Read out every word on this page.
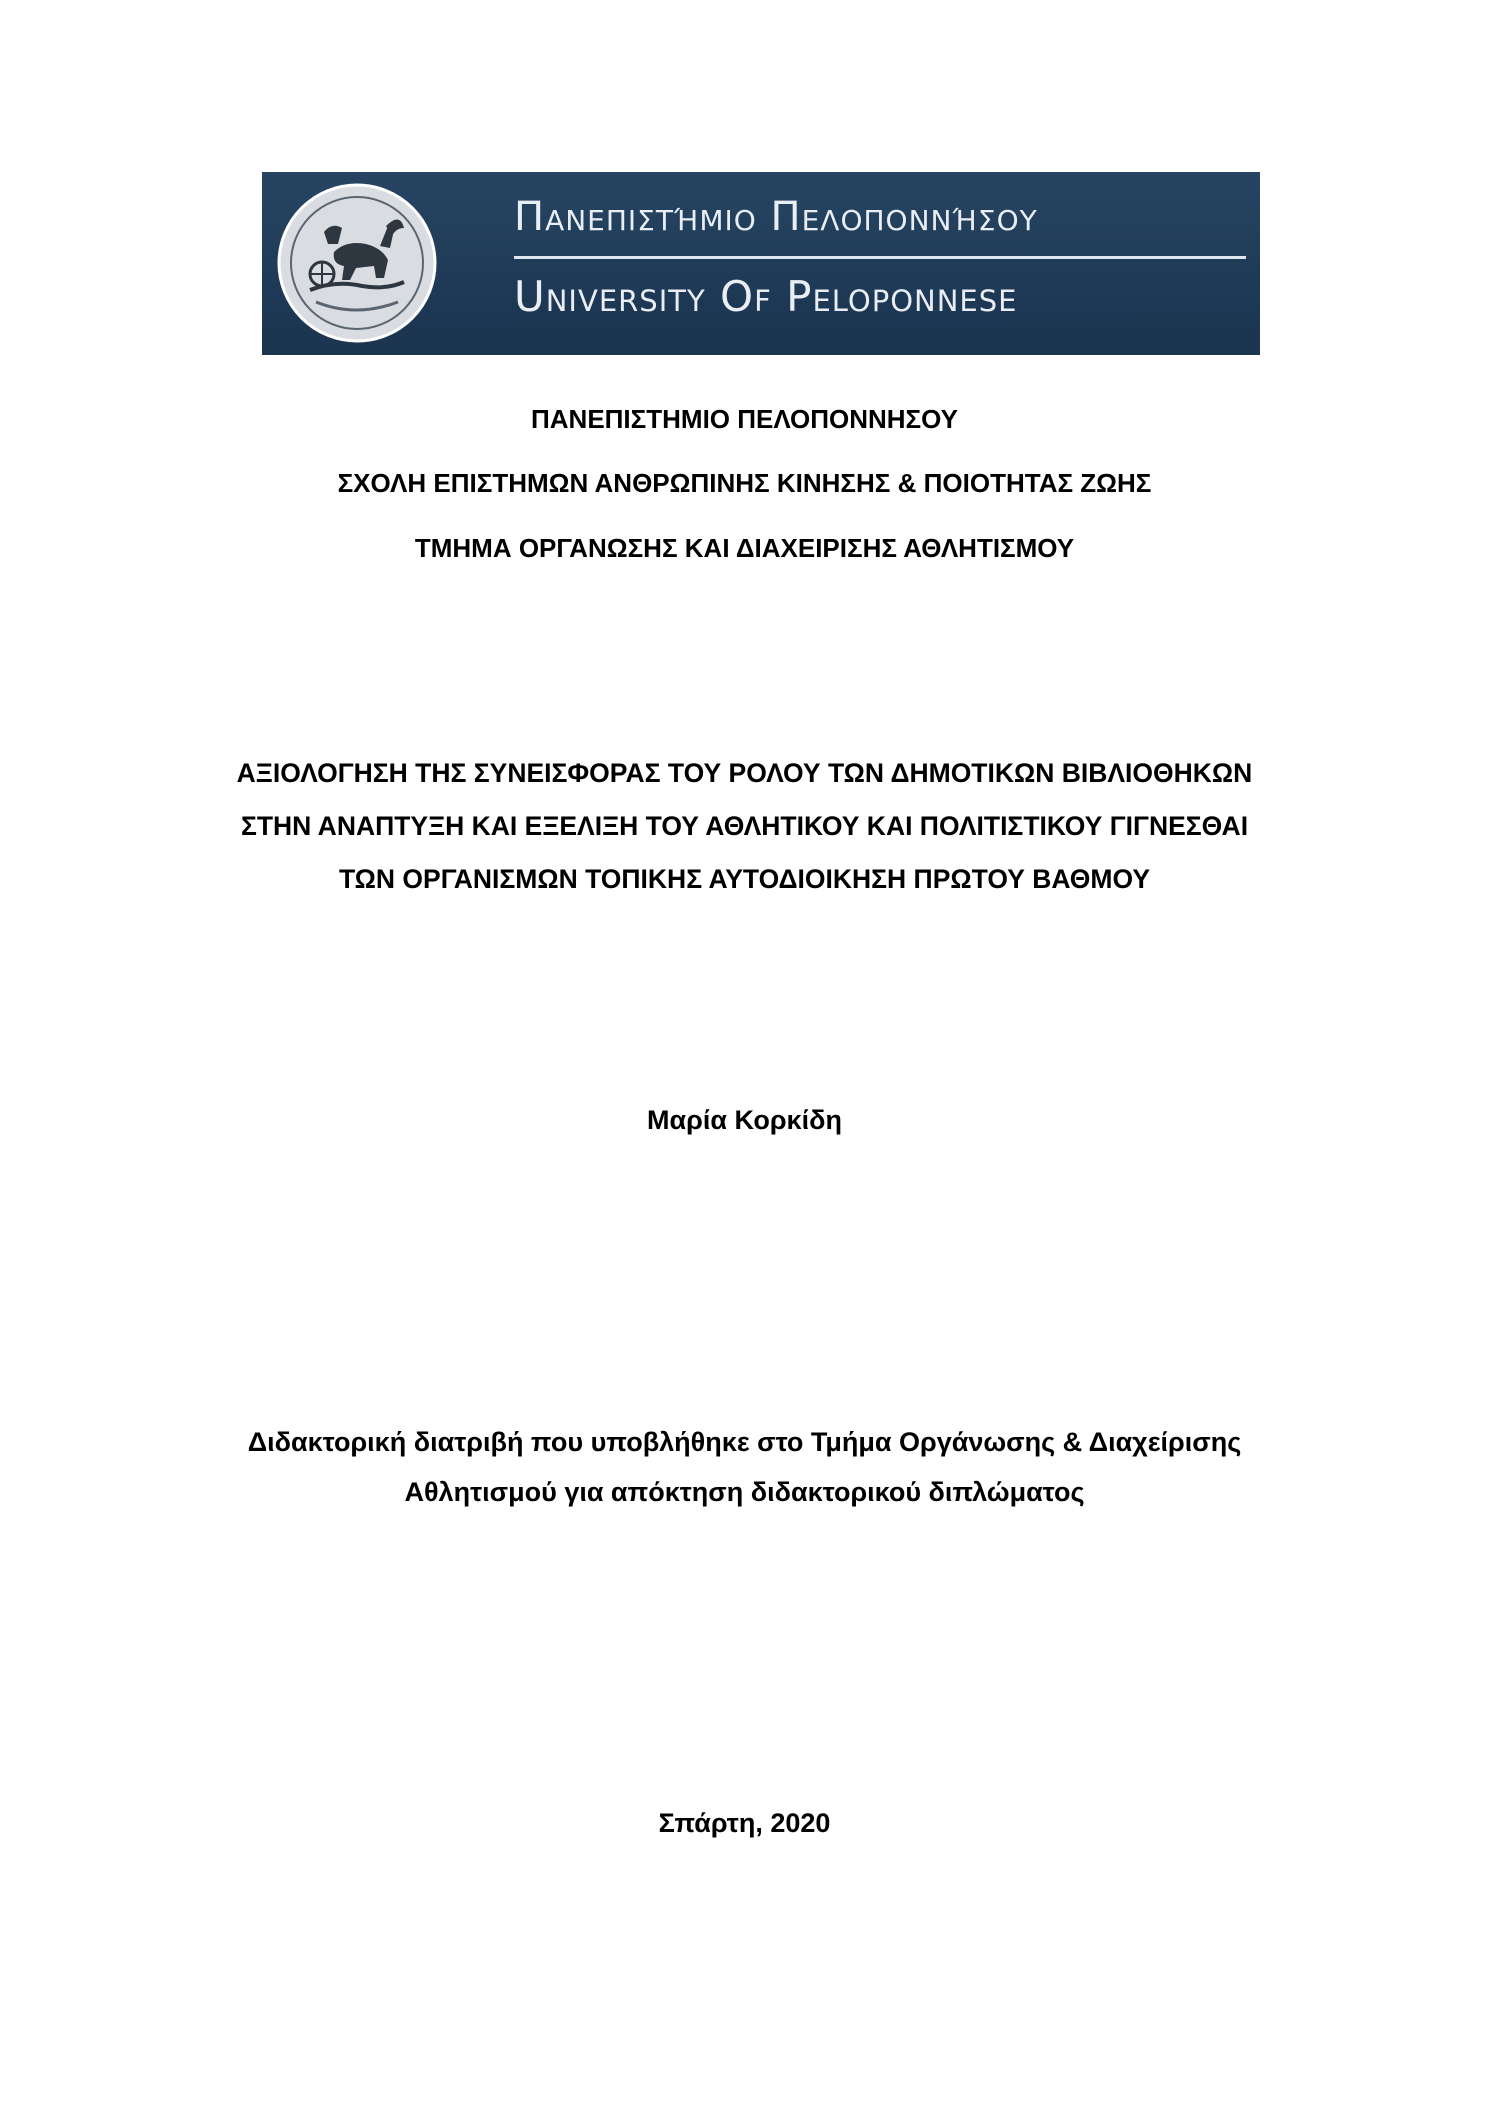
Πανεπιστήμιο Πελοποννήσου
University Of Peloponnese
ΠΑΝΕΠΙΣΤΗΜΙΟ ΠΕΛΟΠΟΝΝΗΣΟΥ
ΣΧΟΛΗ ΕΠΙΣΤΗΜΩΝ ΑΝΘΡΩΠΙΝΗΣ ΚΙΝΗΣΗΣ & ΠΟΙΟΤΗΤΑΣ ΖΩΗΣ
ΤΜΗΜΑ ΟΡΓΑΝΩΣΗΣ ΚΑΙ ΔΙΑΧΕΙΡΙΣΗΣ ΑΘΛΗΤΙΣΜΟΥ
ΑΞΙΟΛΟΓΗΣΗ ΤΗΣ ΣΥΝΕΙΣΦΟΡΑΣ ΤΟΥ ΡΟΛΟΥ ΤΩΝ ΔΗΜΟΤΙΚΩΝ ΒΙΒΛΙΟΘΗΚΩΝ
ΣΤΗΝ ΑΝΑΠΤΥΞΗ ΚΑΙ ΕΞΕΛΙΞΗ ΤΟΥ ΑΘΛΗΤΙΚΟΥ ΚΑΙ ΠΟΛΙΤΙΣΤΙΚΟΥ ΓΙΓΝΕΣΘΑΙ
ΤΩΝ ΟΡΓΑΝΙΣΜΩΝ ΤΟΠΙΚΗΣ ΑΥΤΟΔΙΟΙΚΗΣΗ ΠΡΩΤΟΥ ΒΑΘΜΟΥ
Μαρία Κορκίδη
Διδακτορική διατριβή που υποβλήθηκε στο Τμήμα Οργάνωσης & Διαχείρισης
Αθλητισμού για απόκτηση διδακτορικού διπλώματος
Σπάρτη, 2020
